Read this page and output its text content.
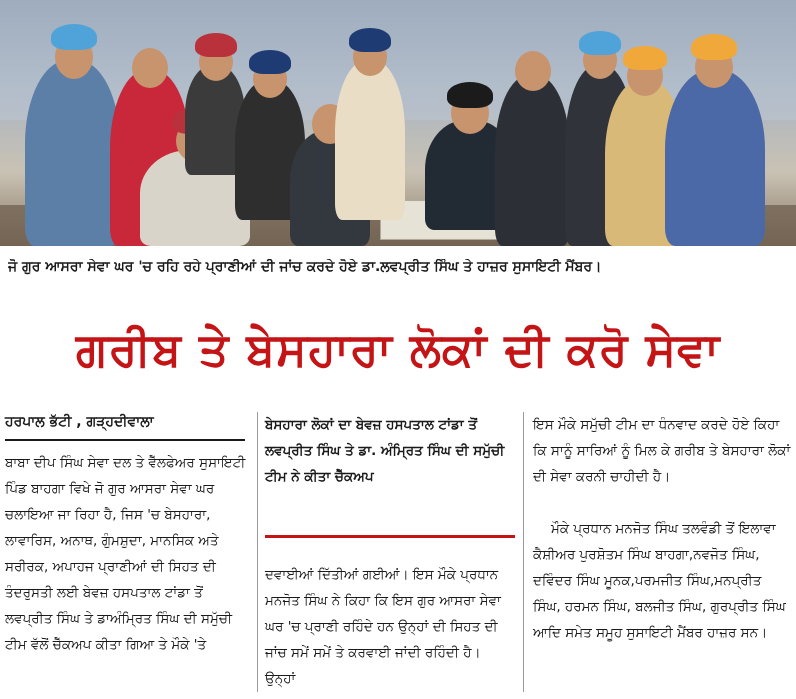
ਜੋ ਗੁਰ ਆਸਰਾ ਸੇਵਾ ਘਰ 'ਚ ਰਹਿ ਰਹੇ ਪ੍ਰਾਣੀਆਂ ਦੀ ਜਾਂਚ ਕਰਦੇ ਹੋਏ ਡਾ.ਲਵਪ੍ਰੀਤ ਸਿੰਘ ਤੇ ਹਾਜ਼ਰ ਸੁਸਾਇਟੀ ਮੈਂਬਰ।
ਗਰੀਬ ਤੇ ਬੇਸਹਾਰਾ ਲੋਕਾਂ ਦੀ ਕਰੋ ਸੇਵਾ
ਹਰਪਾਲ ਭੱਟੀ , ਗੜ੍ਹਦੀਵਾਲਾ

ਬਾਬਾ ਦੀਪ ਸਿੰਘ ਸੇਵਾ ਦਲ ਤੇ ਵੈੱਲਫੇਅਰ ਸੁਸਾਇਟੀ ਪਿੰਡ ਬਾਹਗਾ ਵਿਖੇ ਜੋ ਗੁਰ ਆਸਰਾ ਸੇਵਾ ਘਰ ਚਲਾਇਆ ਜਾ ਰਿਹਾ ਹੈ, ਜਿਸ 'ਚ ਬੇਸਹਾਰਾ, ਲਾਵਾਰਿਸ, ਅਨਾਥ, ਗੁੰਮਸ਼ੁਦਾ, ਮਾਨਸਿਕ ਅਤੇ ਸਰੀਰਕ, ਅਪਾਹਜ ਪ੍ਰਾਣੀਆਂ ਦੀ ਸਿਹਤ ਦੀ ਤੰਦਰੁਸਤੀ ਲਈ ਬੇਵਜ਼ ਹਸਪਤਾਲ ਟਾਂਡਾ ਤੋਂ ਲਵਪ੍ਰੀਤ ਸਿੰਘ ਤੇ ਡਾਅੰਮ੍ਰਿਤ ਸਿੰਘ ਦੀ ਸਮੁੱਚੀ ਟੀਮ ਵੱਲੋਂ ਚੈੱਕਅਪ ਕੀਤਾ ਗਿਆ ਤੇ ਮੌਕੇ 'ਤੇ

ਬੇਸਹਾਰਾ ਲੋਕਾਂ ਦਾ ਬੇਵਜ਼ ਹਸਪਤਾਲ ਟਾਂਡਾ ਤੋਂ ਲਵਪ੍ਰੀਤ ਸਿੰਘ ਤੇ ਡਾ. ਅੰਮ੍ਰਿਤ ਸਿੰਘ ਦੀ ਸਮੁੱਚੀ ਟੀਮ ਨੇ ਕੀਤਾ ਚੈੱਕਅਪ

ਦਵਾਈਆਂ ਦਿੱਤੀਆਂ ਗਈਆਂ। ਇਸ ਮੌਕੇ ਪ੍ਰਧਾਨ ਮਨਜੋਤ ਸਿੰਘ ਨੇ ਕਿਹਾ ਕਿ ਇਸ ਗੁਰ ਆਸਰਾ ਸੇਵਾ ਘਰ 'ਚ ਪ੍ਰਾਣੀ ਰਹਿੰਦੇ ਹਨ ਉਨ੍ਹਾਂ ਦੀ ਸਿਹਤ ਦੀ ਜਾਂਚ ਸਮੇਂ ਸਮੇਂ ਤੇ ਕਰਵਾਈ ਜਾਂਦੀ ਰਹਿੰਦੀ ਹੈ। ਉਨ੍ਹਾਂ

ਇਸ ਮੌਕੇ ਸਮੁੱਚੀ ਟੀਮ ਦਾ ਧੰਨਵਾਦ ਕਰਦੇ ਹੋਏ ਕਿਹਾ ਕਿ ਸਾਨੂੰ ਸਾਰਿਆਂ ਨੂੰ ਮਿਲ ਕੇ ਗਰੀਬ ਤੇ ਬੇਸਹਾਰਾ ਲੋਕਾਂ ਦੀ ਸੇਵਾ ਕਰਨੀ ਚਾਹੀਦੀ ਹੈ।

ਮੌਕੇ ਪ੍ਰਧਾਨ ਮਨਜੋਤ ਸਿੰਘ ਤਲਵੰਡੀ ਤੋਂ ਇਲਾਵਾ ਕੈਸ਼ੀਅਰ ਪੁਰਸ਼ੋਤਮ ਸਿੰਘ ਬਾਹਗਾ,ਨਵਜੋਤ ਸਿੰਘ, ਦਵਿੰਦਰ ਸਿੰਘ ਮੂਨਕ,ਪਰਮਜੀਤ ਸਿੰਘ,ਮਨਪ੍ਰੀਤ ਸਿੰਘ, ਹਰਮਨ ਸਿੰਘ, ਬਲਜੀਤ ਸਿੰਘ, ਗੁਰਪ੍ਰੀਤ ਸਿੰਘ ਆਦਿ ਸਮੇਤ ਸਮੂਹ ਸੁਸਾਇਟੀ ਮੈਂਬਰ ਹਾਜ਼ਰ ਸਨ।
